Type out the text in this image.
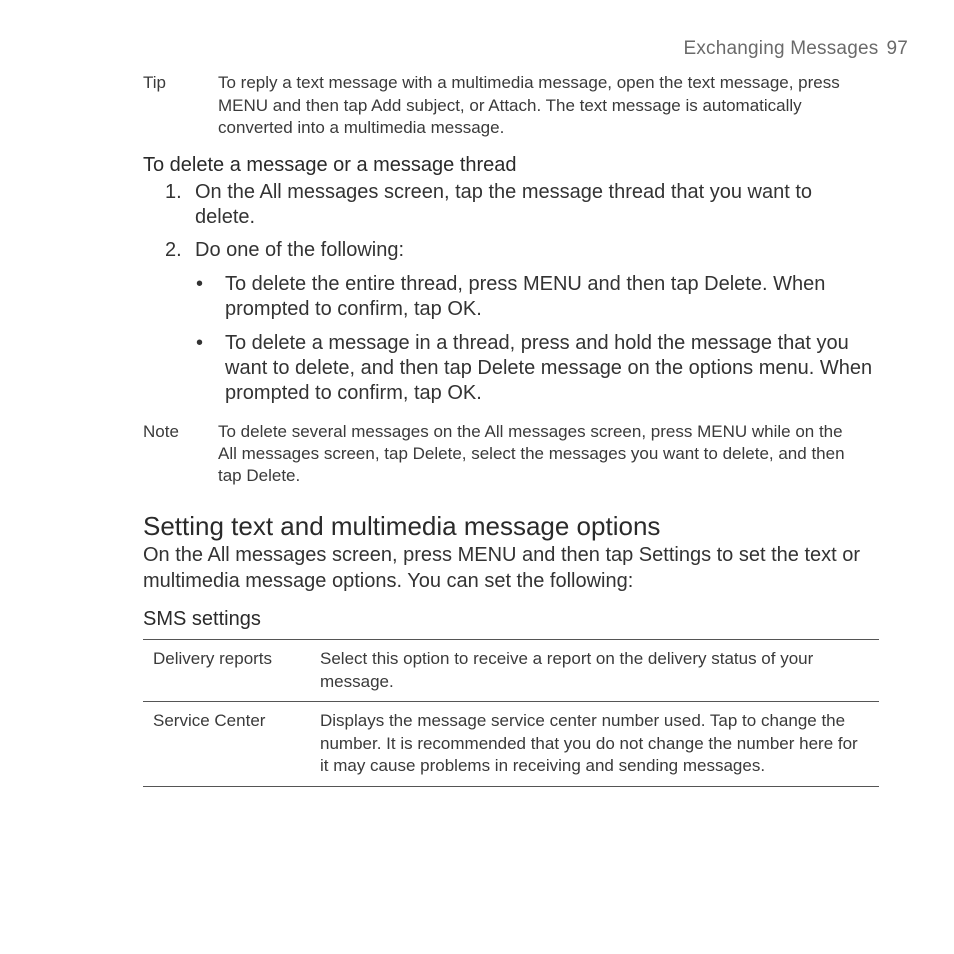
Exchanging Messages 97
Tip	To reply a text message with a multimedia message, open the text message, press MENU and then tap Add subject, or Attach. The text message is automatically converted into a multimedia message.
To delete a message or a message thread
1. On the All messages screen, tap the message thread that you want to delete.
2. Do one of the following:
• To delete the entire thread, press MENU and then tap Delete. When prompted to confirm, tap OK.
• To delete a message in a thread, press and hold the message that you want to delete, and then tap Delete message on the options menu. When prompted to confirm, tap OK.
Note To delete several messages on the All messages screen, press MENU while on the All messages screen, tap Delete, select the messages you want to delete, and then tap Delete.
Setting text and multimedia message options
On the All messages screen, press MENU and then tap Settings to set the text or multimedia message options. You can set the following:
SMS settings
Delivery reports	Select this option to receive a report on the delivery status of your message.
Service Center	Displays the message service center number used. Tap to change the number. It is recommended that you do not change the number here for it may cause problems in receiving and sending messages.
